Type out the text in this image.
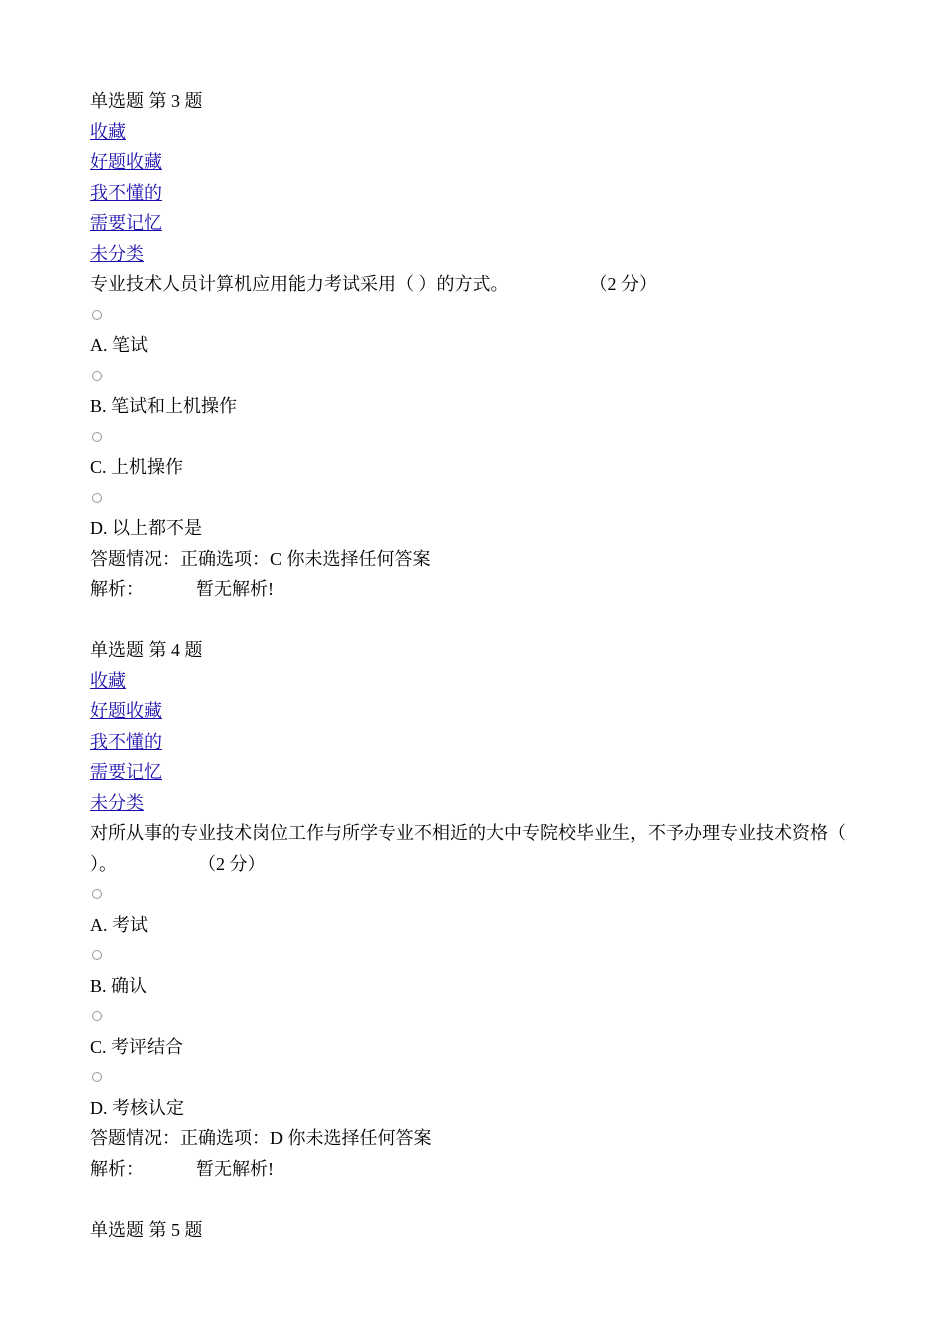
单选题 第 3 题
收藏
好题收藏
我不懂的
需要记忆
未分类
专业技术人员计算机应用能力考试采用（ ）的方式。	（2 分）
A. 笔试
B. 笔试和上机操作
C. 上机操作
D. 以上都不是
答题情况：正确选项：C 你未选择任何答案
解析：	暂无解析!
单选题 第 4 题
收藏
好题收藏
我不懂的
需要记忆
未分类
对所从事的专业技术岗位工作与所学专业不相近的大中专院校毕业生，不予办理专业技术资格（ ）。	（2 分）
A. 考试
B. 确认
C. 考评结合
D. 考核认定
答题情况：正确选项：D 你未选择任何答案
解析：	暂无解析!
单选题 第 5 题
